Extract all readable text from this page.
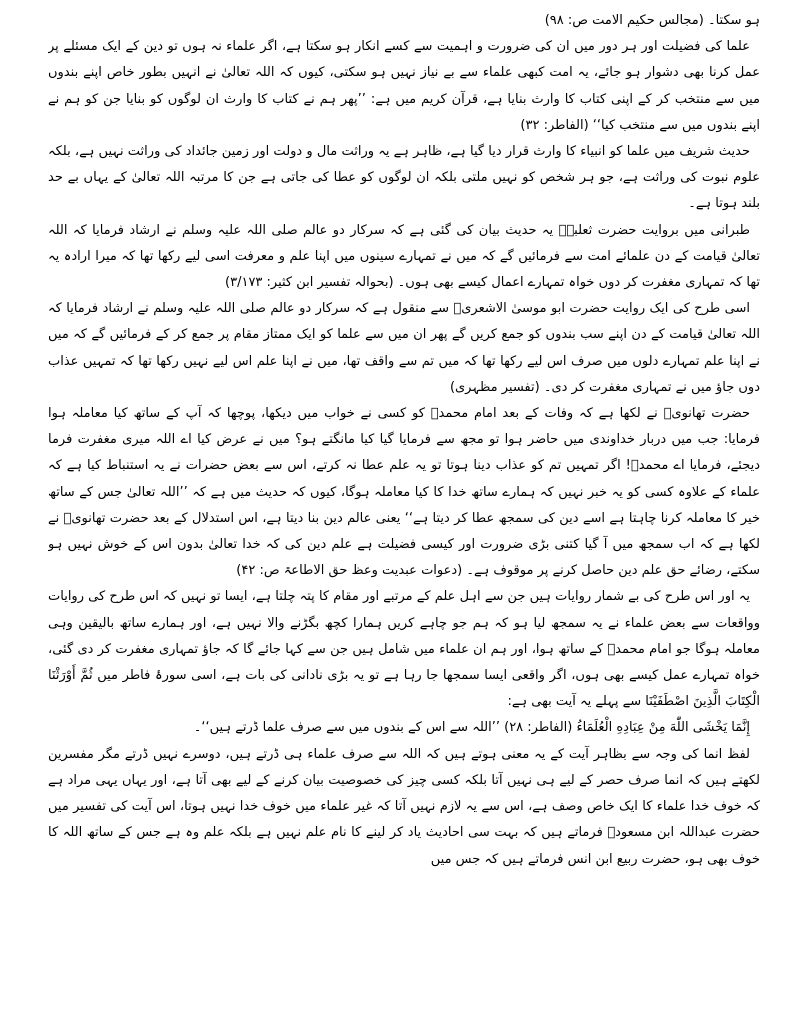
ہو سکتا۔ (مجالس حکیم الامت ص: ۹۸)

علما کی فضیلت اور ہر دور میں ان کی ضرورت و اہمیت سے کسے انکار ہو سکتا ہے، اگر علماء نہ ہوں تو دین کے ایک مسئلے پر عمل کرنا بھی دشوار ہو جائے، یہ امت کبھی علماء سے بے نیاز نہیں ہو سکتی، کیوں کہ اللہ تعالیٰ نے انہیں بطور خاص اپنے بندوں میں سے منتخب کر کے اپنی کتاب کا وارث بنایا ہے، قرآن کریم میں ہے: ’’پھر ہم نے کتاب کا وارث ان لوگوں کو بنایا جن کو ہم نے اپنے بندوں میں سے منتخب کیا‘‘ (الفاطر: ۳۲)

حدیث شریف میں علما کو انبیاء کا وارث قرار دیا گیا ہے، ظاہر ہے یہ وراثت مال و دولت اور زمین جائداد کی وراثت نہیں ہے، بلکہ علوم نبوت کی وراثت ہے، جو ہر شخص کو نہیں ملتی بلکہ ان لوگوں کو عطا کی جاتی ہے جن کا مرتبہ اللہ تعالیٰ کے یہاں بے حد بلند ہوتا ہے۔

طبرانی میں بروایت حضرت ثعلبہؓ یہ حدیث بیان کی گئی ہے کہ سرکار دو عالم صلی اللہ علیہ وسلم نے ارشاد فرمایا کہ اللہ تعالیٰ قیامت کے دن علمائے امت سے فرمائیں گے کہ میں نے تمہارے سینوں میں اپنا علم و معرفت اسی لیے رکھا تھا کہ میرا ارادہ یہ تھا کہ تمہاری مغفرت کر دوں خواہ تمہارے اعمال کیسے بھی ہوں۔ (بحوالہ تفسیر ابن کثیر: ۳/۱۷۳)

اسی طرح کی ایک روایت حضرت ابو موسیٰ الاشعریؓ سے منقول ہے کہ سرکار دو عالم صلی اللہ علیہ وسلم نے ارشاد فرمایا کہ اللہ تعالیٰ قیامت کے دن اپنے سب بندوں کو جمع کریں گے پھر ان میں سے علما کو ایک ممتاز مقام پر جمع کر کے فرمائیں گے کہ میں نے اپنا علم تمہارے دلوں میں صرف اس لیے رکھا تھا کہ میں تم سے واقف تھا، میں نے اپنا علم اس لیے نہیں رکھا تھا کہ تمہیں عذاب دوں جاؤ میں نے تمہاری مغفرت کر دی۔ (تفسیر مظہری)

حضرت تھانویؒ نے لکھا ہے کہ وفات کے بعد امام محمدؒ کو کسی نے خواب میں دیکھا، پوچھا کہ آپ کے ساتھ کیا معاملہ ہوا فرمایا: جب میں دربار خداوندی میں حاضر ہوا تو مجھ سے فرمایا گیا کیا مانگتے ہو؟ میں نے عرض کیا اے اللہ میری مغفرت فرما دیجئے، فرمایا اے محمدؐ! اگر تمہیں تم کو عذاب دینا ہوتا تو یہ علم عطا نہ کرتے، اس سے بعض حضرات نے یہ استنباط کیا ہے کہ علماء کے علاوہ کسی کو یہ خبر نہیں کہ ہمارے ساتھ خدا کا کیا معاملہ ہوگا، کیوں کہ حدیث میں ہے کہ ’’اللہ تعالیٰ جس کے ساتھ خیر کا معاملہ کرنا چاہتا ہے اسے دین کی سمجھ عطا کر دیتا ہے‘‘ یعنی عالم دین بنا دیتا ہے، اس استدلال کے بعد حضرت تھانویؒ نے لکھا ہے کہ اب سمجھ میں آ گیا کتنی بڑی ضرورت اور کیسی فضیلت ہے علم دین کی کہ خدا تعالیٰ بدون اس کے خوش نہیں ہو سکتے، رضائے حق علم دین حاصل کرنے پر موقوف ہے۔ (دعوات عبدیت وعظ حق الاطاعۃ ص: ۴۲)

یہ اور اس طرح کی بے شمار روایات ہیں جن سے اہل علم کے مرتبے اور مقام کا پتہ چلتا ہے، ایسا تو نہیں کہ اس طرح کی روایات وواقعات سے بعض علماء نے یہ سمجھ لیا ہو کہ ہم جو چاہے کریں ہمارا کچھ بگڑنے والا نہیں ہے، اور ہمارے ساتھ بالیقین وہی معاملہ ہوگا جو امام محمدؒ کے ساتھ ہوا، اور ہم ان علماء میں شامل ہیں جن سے کہا جائے گا کہ جاؤ تمہاری مغفرت کر دی گئی، خواہ تمہارے عمل کیسے بھی ہوں، اگر واقعی ایسا سمجھا جا رہا ہے تو یہ بڑی نادانی کی بات ہے، اسی سورۂ فاطر میں ثُمَّ أَوْرَثْنَا الْكِتَابَ الَّذِينَ اصْطَفَيْنَا سے پہلے یہ آیت بھی ہے:

إِنَّمَا يَخْشَى اللّٰهَ مِنْ عِبَادِهِ الْعُلَمَاءُ (الفاطر: ۲۸) ’’اللہ سے اس کے بندوں میں سے صرف علما ڈرتے ہیں‘‘۔

لفظ انما کی وجہ سے بظاہر آیت کے یہ معنی ہوتے ہیں کہ اللہ سے صرف علماء ہی ڈرتے ہیں، دوسرے نہیں ڈرتے مگر مفسرین لکھتے ہیں کہ انما صرف حصر کے لیے ہی نہیں آتا بلکہ کسی چیز کی خصوصیت بیان کرنے کے لیے بھی آتا ہے، اور یہاں یہی مراد ہے کہ خوف خدا علماء کا ایک خاص وصف ہے، اس سے یہ لازم نہیں آتا کہ غیر علماء میں خوف خدا نہیں ہوتا، اس آیت کی تفسیر میں حضرت عبداللہ ابن مسعودؓ فرماتے ہیں کہ بہت سی احادیث یاد کر لینے کا نام علم نہیں ہے بلکہ علم وہ ہے جس کے ساتھ اللہ کا خوف بھی ہو، حضرت ربیع ابن انس فرماتے ہیں کہ جس میں
